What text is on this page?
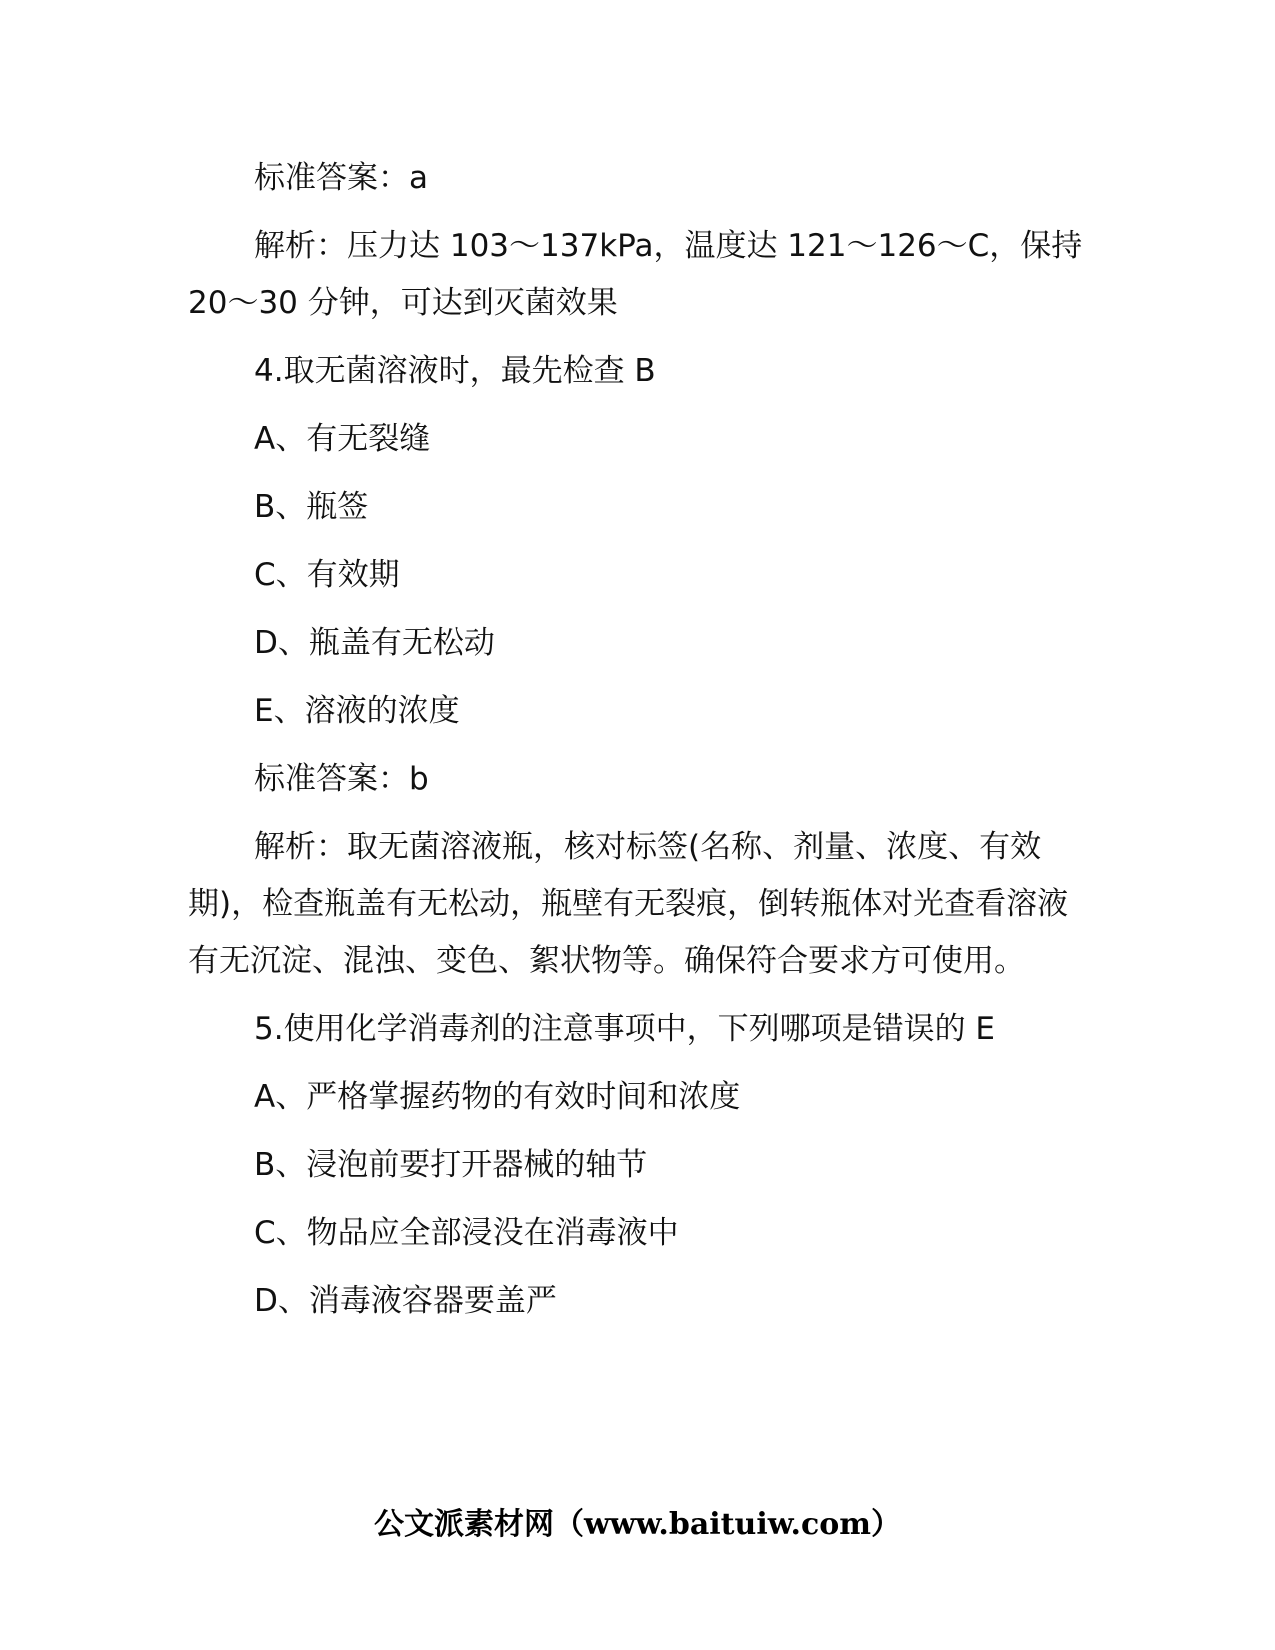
标准答案：a

解析：压力达 103～137kPa，温度达 121～126～C，保持 20～30 分钟，可达到灭菌效果

4.取无菌溶液时，最先检查 B

A、有无裂缝

B、瓶签

C、有效期

D、瓶盖有无松动

E、溶液的浓度

标准答案：b

解析：取无菌溶液瓶，核对标签(名称、剂量、浓度、有效期)，检查瓶盖有无松动，瓶壁有无裂痕，倒转瓶体对光查看溶液有无沉淀、混浊、变色、絮状物等。确保符合要求方可使用。

5.使用化学消毒剂的注意事项中，下列哪项是错误的 E

A、严格掌握药物的有效时间和浓度

B、浸泡前要打开器械的轴节

C、物品应全部浸没在消毒液中

D、消毒液容器要盖严

公文派素材网（www.baituiw.com）
